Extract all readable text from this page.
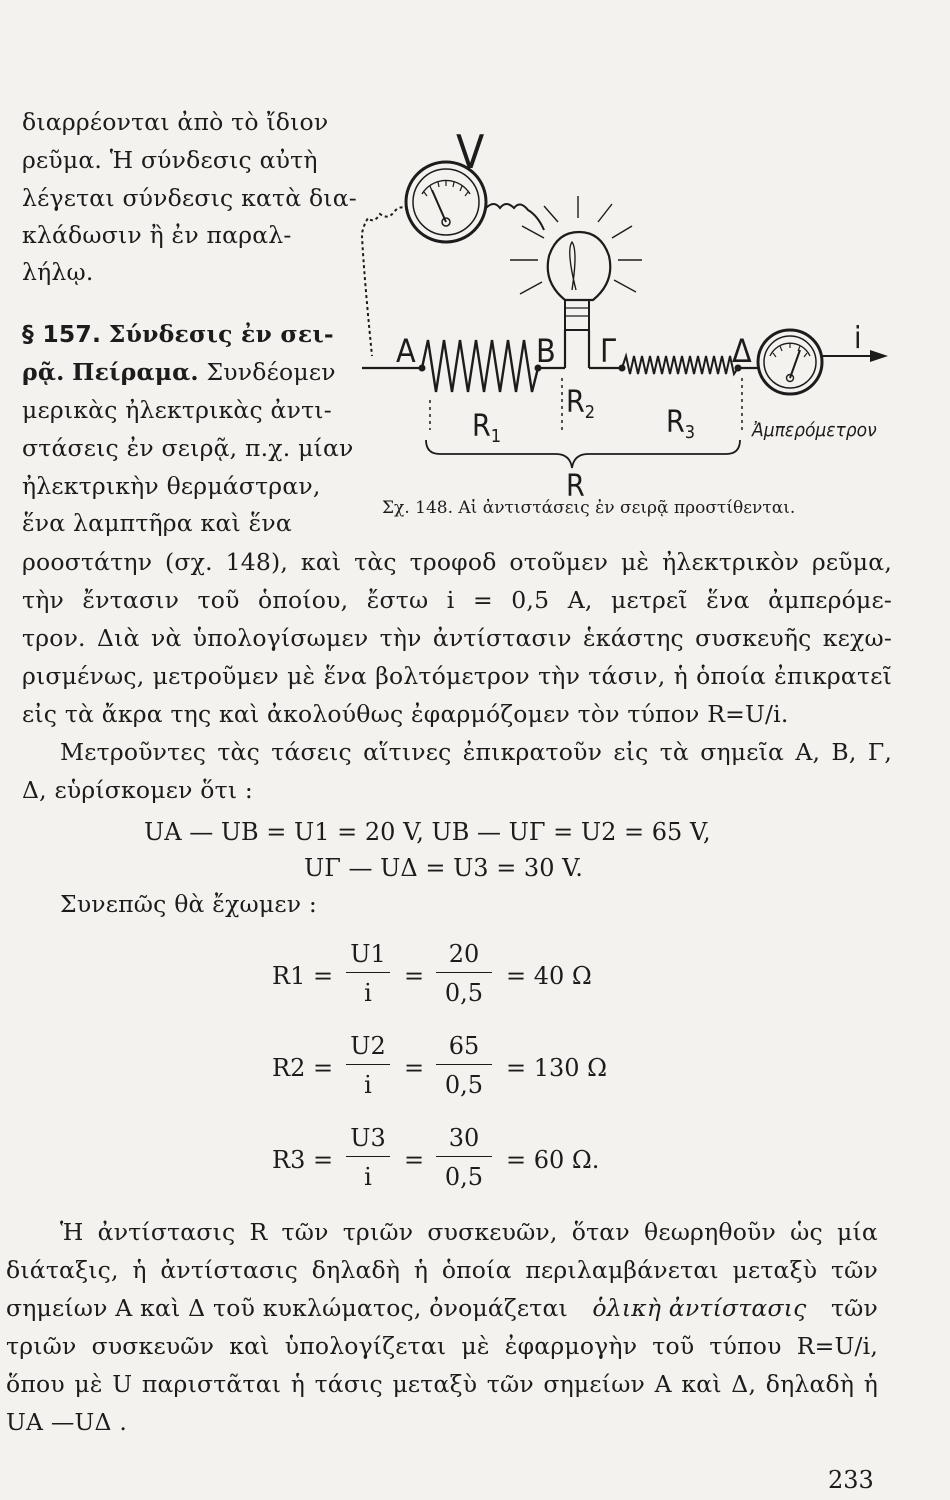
διαρρέονται ἀπὸ τὸ ἴδιον
ρεῦμα. Ἡ σύνδεσις αὐτὴ
λέγεται σύνδεσις κατὰ δια-
κλάδωσιν ἢ ἐν παραλ-
λήλῳ.
§ 157. Σύνδεσις ἐν σει-
ρᾷ. Πείραμα. Συνδέομεν
μερικὰς ἠλεκτρικὰς ἀντι-
στάσεις ἐν σειρᾷ, π.χ. μίαν
ἠλεκτρικὴν θερμάστραν,
ἕνα λαμπτῆρα καὶ ἕνα
V
i
Α	Β Γ	Δ
$R_1$
$R_2$ $R_3$
R
Ἀμπερόμετρον
Σχ. 148. Αἱ ἀντιστάσεις ἐν σειρᾷ προστίθενται.
ροοστάτην (σχ. 148), καὶ τὰς τροφοδ οτοῦμεν μὲ ἠλεκτρικὸν ρεῦμα,
τὴν ἔντασιν τοῦ ὁποίου, ἔστω i = 0,5 A, μετρεῖ ἕνα ἀμπερόμε-
τρον. Διὰ νὰ ὑπολογίσωμεν τὴν ἀντίστασιν ἑκάστης συσκευῆς κεχω-
ρισμένως, μετροῦμεν μὲ ἕνα βολτόμετρον τὴν τάσιν, ἡ ὁποία ἐπικρατεῖ
εἰς τὰ ἄκρα της καὶ ἀκολούθως ἐφαρμόζομεν τὸν τύπον R=U/i.
Μετροῦντες τὰς τάσεις αἵτινες ἐπικρατοῦν εἰς τὰ σημεῖα Α, Β, Γ,
Δ, εὑρίσκομεν ὅτι :
UΑ — UΒ = U1 = 20 V, UΒ — UΓ = U2 = 65 V,
UΓ — UΔ = U3 = 30 V.
Συνεπῶς θὰ ἔχωμεν :
R1 =
U1
i
=
20
0,5
= 40 Ω
R2 =
U2
i
=
65
0,5
= 130 Ω
R3 =
U3
i
=
30
0,5
= 60 Ω.
Ἡ ἀντίστασις R τῶν τριῶν συσκευῶν, ὅταν θεωρηθοῦν ὡς μία
διάταξις, ἡ ἀντίστασις δηλαδὴ ἡ ὁποία περιλαμβάνεται μεταξὺ τῶν
σημείων Α καὶ Δ τοῦ κυκλώματος, ὀνομάζεται ὁλικὴ ἀντίστασις τῶν
τριῶν συσκευῶν καὶ ὑπολογίζεται μὲ ἐφαρμογὴν τοῦ τύπου R=U/i,
ὅπου μὲ U παριστᾶται ἡ τάσις μεταξὺ τῶν σημείων Α καὶ Δ, δηλαδὴ ἡ
UΑ —UΔ .
233
